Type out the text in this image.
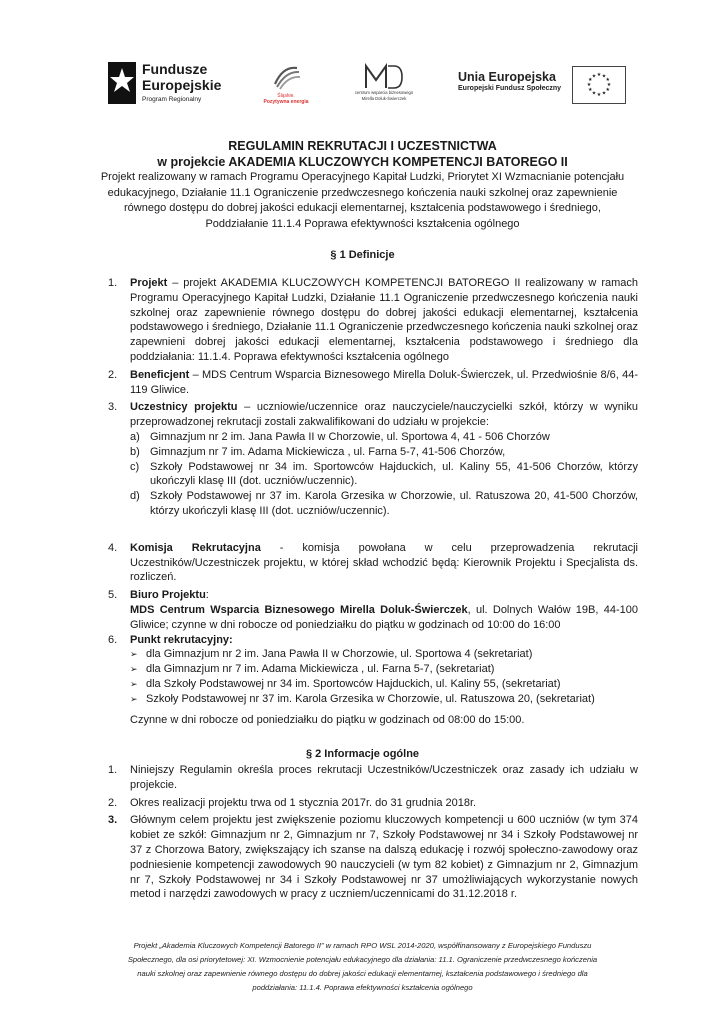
Fundusze
Europejskie
Program Regionalny	Śląskie.
Pozytywna energia
centrum wsparcia biznesowego
Mirella Doluk-Świerczek
Unia Europejska
Europejski Fundusz Społeczny
★ ★
★
★
★
★
★
★
★
★
★
★
REGULAMIN REKRUTACJI I UCZESTNICTWA
w projekcie AKADEMIA KLUCZOWYCH KOMPETENCJI BATOREGO II
Projekt realizowany w ramach Programu Operacyjnego Kapitał Ludzki, Priorytet XI Wzmacnianie potencjału
edukacyjnego, Działanie 11.1 Ograniczenie przedwczesnego kończenia nauki szkolnej oraz zapewnienie
równego dostępu do dobrej jakości edukacji elementarnej, kształcenia podstawowego i średniego,
Poddziałanie 11.1.4 Poprawa efektywności kształcenia ogólnego
§ 1 Definicje

1. Projekt – projekt AKADEMIA KLUCZOWYCH KOMPETENCJI BATOREGO II realizowany w ramach Programu Operacyjnego Kapitał Ludzki, Działanie 11.1 Ograniczenie przedwczesnego kończenia nauki szkolnej oraz zapewnienie równego dostępu do dobrej jakości edukacji elementarnej, kształcenia podstawowego i średniego, Działanie 11.1 Ograniczenie przedwczesnego kończenia nauki szkolnej oraz zapewnieni dobrej jakości edukacji elementarnej, kształcenia podstawowego i średniego dla poddziałania: 11.1.4. Poprawa efektywności kształcenia ogólnego

2. Beneficjent – MDS Centrum Wsparcia Biznesowego Mirella Doluk-Świerczek, ul. Przedwiośnie 8/6, 44-119 Gliwice.

3. Uczestnicy projektu – uczniowie/uczennice oraz nauczyciele/nauczycielki szkół, którzy w wyniku przeprowadzonej rekrutacji zostali zakwalifikowani do udziału w projekcie:

a) Gimnazjum nr 2 im. Jana Pawła II w Chorzowie, ul. Sportowa 4, 41 - 506 Chorzów
b) Gimnazjum nr 7 im. Adama Mickiewicza , ul. Farna 5-7, 41-506 Chorzów,
c) Szkoły Podstawowej nr 34 im. Sportowców Hajduckich, ul. Kaliny 55, 41-506 Chorzów, którzy ukończyli klasę III (dot. uczniów/uczennic).
d) Szkoły Podstawowej nr 37 im. Karola Grzesika w Chorzowie, ul. Ratuszowa 20, 41-500 Chorzów, którzy ukończyli klasę III (dot. uczniów/uczennic).

4. Komisja Rekrutacyjna - komisja powołana w celu przeprowadzenia rekrutacji Uczestników/Uczestniczek projektu, w której skład wchodzić będą: Kierownik Projektu i Specjalista ds. rozliczeń.

5. Biuro Projektu:
MDS Centrum Wsparcia Biznesowego Mirella Doluk-Świerczek, ul. Dolnych Wałów 19B, 44-100 Gliwice; czynne w dni robocze od poniedziałku do piątku w godzinach od 10:00 do 16:00

6. Punkt rekrutacyjny:

➢ dla Gimnazjum nr 2 im. Jana Pawła II w Chorzowie, ul. Sportowa 4 (sekretariat)
➢ dla Gimnazjum nr 7 im. Adama Mickiewicza , ul. Farna 5-7, (sekretariat)
➢ dla Szkoły Podstawowej nr 34 im. Sportowców Hajduckich, ul. Kaliny 55, (sekretariat)
➢ Szkoły Podstawowej nr 37 im. Karola Grzesika w Chorzowie, ul. Ratuszowa 20, (sekretariat)

Czynne w dni robocze od poniedziałku do piątku w godzinach od 08:00 do 15:00.

§ 2 Informacje ogólne

1. Niniejszy Regulamin określa proces rekrutacji Uczestników/Uczestniczek oraz zasady ich udziału w projekcie.

2. Okres realizacji projektu trwa od 1 stycznia 2017r. do 31 grudnia 2018r.

3. Głównym celem projektu jest zwiększenie poziomu kluczowych kompetencji u 600 uczniów (w tym 374 kobiet ze szkół: Gimnazjum nr 2, Gimnazjum nr 7, Szkoły Podstawowej nr 34 i Szkoły Podstawowej nr 37 z Chorzowa Batory, zwiększający ich szanse na dalszą edukację i rozwój społeczno-zawodowy oraz podniesienie kompetencji zawodowych 90 nauczycieli (w tym 82 kobiet) z Gimnazjum nr 2, Gimnazjum nr 7, Szkoły Podstawowej nr 34 i Szkoły Podstawowej nr 37 umożliwiających wykorzystanie nowych metod i narzędzi zawodowych w pracy z uczniem/uczennicami do 31.12.2018 r.

Projekt „Akademia Kluczowych Kompetencji Batorego II” w ramach RPO WSL 2014-2020, współfinansowany z Europejskiego Funduszu
Społecznego, dla osi priorytetowej: XI. Wzmocnienie potencjału edukacyjnego dla działania: 11.1. Ograniczenie przedwczesnego kończenia
nauki szkolnej oraz zapewnienie równego dostępu do dobrej jakości edukacji elementarnej, kształcenia podstawowego i średniego dla
poddziałania: 11.1.4. Poprawa efektywności kształcenia ogólnego
